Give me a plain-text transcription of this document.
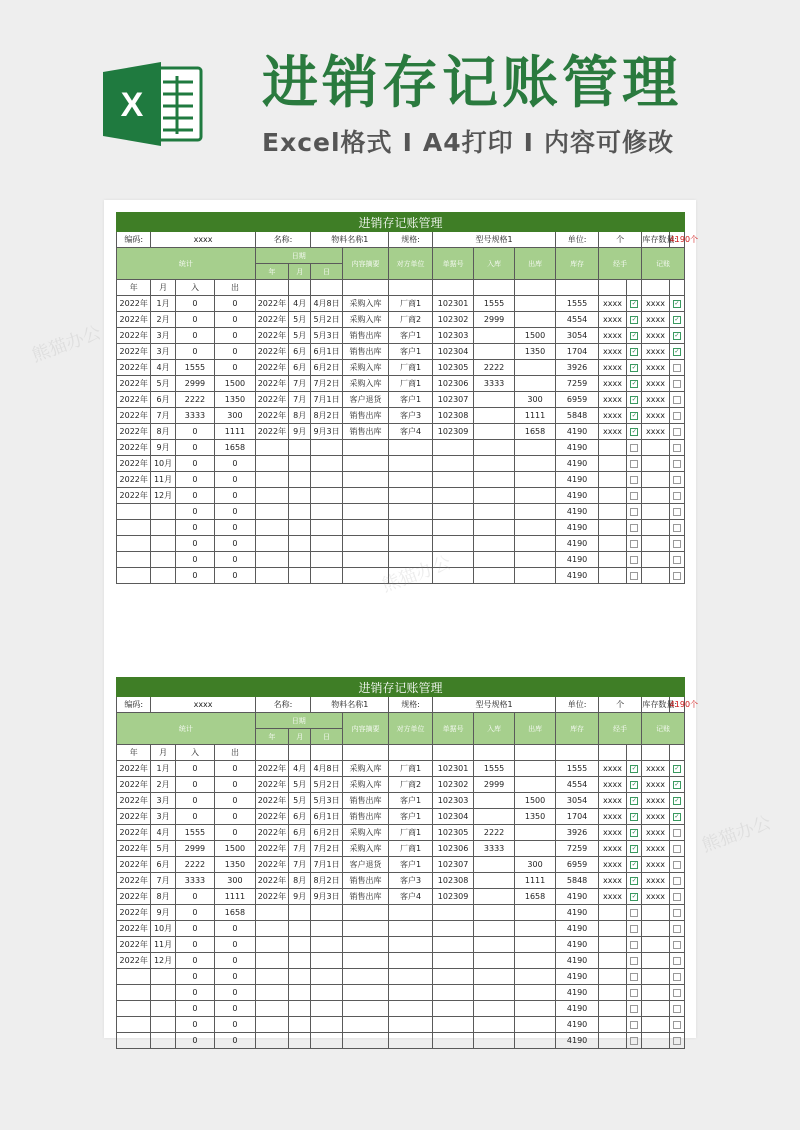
X 进销存记账管理
Excel格式 I A4打印 I 内容可修改
进销存记账管理																
编码:	xxxx			名称:		物料名称1		规格:	型号规格1			单位:	个		库存数量:	4190个
统计				日期			内容摘要	对方单位	单据号	入库	出库	库存	经手		记账	
				年	月	日										
年	月	入	出													
2022年	1月	0	0	2022年	4月	4月8日	采购入库	厂商1	102301	1555		1555	xxxx	✓	xxxx	✓
2022年	2月	0	0	2022年	5月	5月2日	采购入库	厂商2	102302	2999		4554	xxxx	✓	xxxx	✓
2022年	3月	0	0	2022年	5月	5月3日	销售出库	客户1	102303		1500	3054	xxxx	✓	xxxx	✓
2022年	3月	0	0	2022年	6月	6月1日	销售出库	客户1	102304		1350	1704	xxxx	✓	xxxx	✓
2022年	4月	1555	0	2022年	6月	6月2日	采购入库	厂商1	102305	2222		3926	xxxx	✓	xxxx	
2022年	5月	2999	1500	2022年	7月	7月2日	采购入库	厂商1	102306	3333		7259	xxxx	✓	xxxx	
2022年	6月	2222	1350	2022年	7月	7月1日	客户退货	客户1	102307		300	6959	xxxx	✓	xxxx	
2022年	7月	3333	300	2022年	8月	8月2日	销售出库	客户3	102308		1111	5848	xxxx	✓	xxxx	
2022年	8月	0	1111	2022年	9月	9月3日	销售出库	客户4	102309		1658	4190	xxxx	✓	xxxx	
2022年	9月	0	1658									4190				
2022年	10月	0	0									4190				
2022年	11月	0	0									4190				
2022年	12月	0	0									4190				
		0	0									4190				
		0	0									4190				
		0	0									4190				
		0	0									4190				
		0	0									4190				
进销存记账管理																
编码:	xxxx			名称:		物料名称1		规格:	型号规格1			单位:	个		库存数量:	4190个
统计				日期			内容摘要	对方单位	单据号	入库	出库	库存	经手		记账	
				年	月	日										
年	月	入	出													
2022年	1月	0	0	2022年	4月	4月8日	采购入库	厂商1	102301	1555		1555	xxxx	✓	xxxx	✓
2022年	2月	0	0	2022年	5月	5月2日	采购入库	厂商2	102302	2999		4554	xxxx	✓	xxxx	✓
2022年	3月	0	0	2022年	5月	5月3日	销售出库	客户1	102303		1500	3054	xxxx	✓	xxxx	✓
2022年	3月	0	0	2022年	6月	6月1日	销售出库	客户1	102304		1350	1704	xxxx	✓	xxxx	✓
2022年	4月	1555	0	2022年	6月	6月2日	采购入库	厂商1	102305	2222		3926	xxxx	✓	xxxx	
2022年	5月	2999	1500	2022年	7月	7月2日	采购入库	厂商1	102306	3333		7259	xxxx	✓	xxxx	
2022年	6月	2222	1350	2022年	7月	7月1日	客户退货	客户1	102307		300	6959	xxxx	✓	xxxx	
2022年	7月	3333	300	2022年	8月	8月2日	销售出库	客户3	102308		1111	5848	xxxx	✓	xxxx	
2022年	8月	0	1111	2022年	9月	9月3日	销售出库	客户4	102309		1658	4190	xxxx	✓	xxxx	
2022年	9月	0	1658									4190				
2022年	10月	0	0									4190				
2022年	11月	0	0									4190				
2022年	12月	0	0									4190				
		0	0									4190				
		0	0									4190				
		0	0									4190				
		0	0									4190				
		0	0									4190				
熊猫办公
熊猫办公
熊猫办公
